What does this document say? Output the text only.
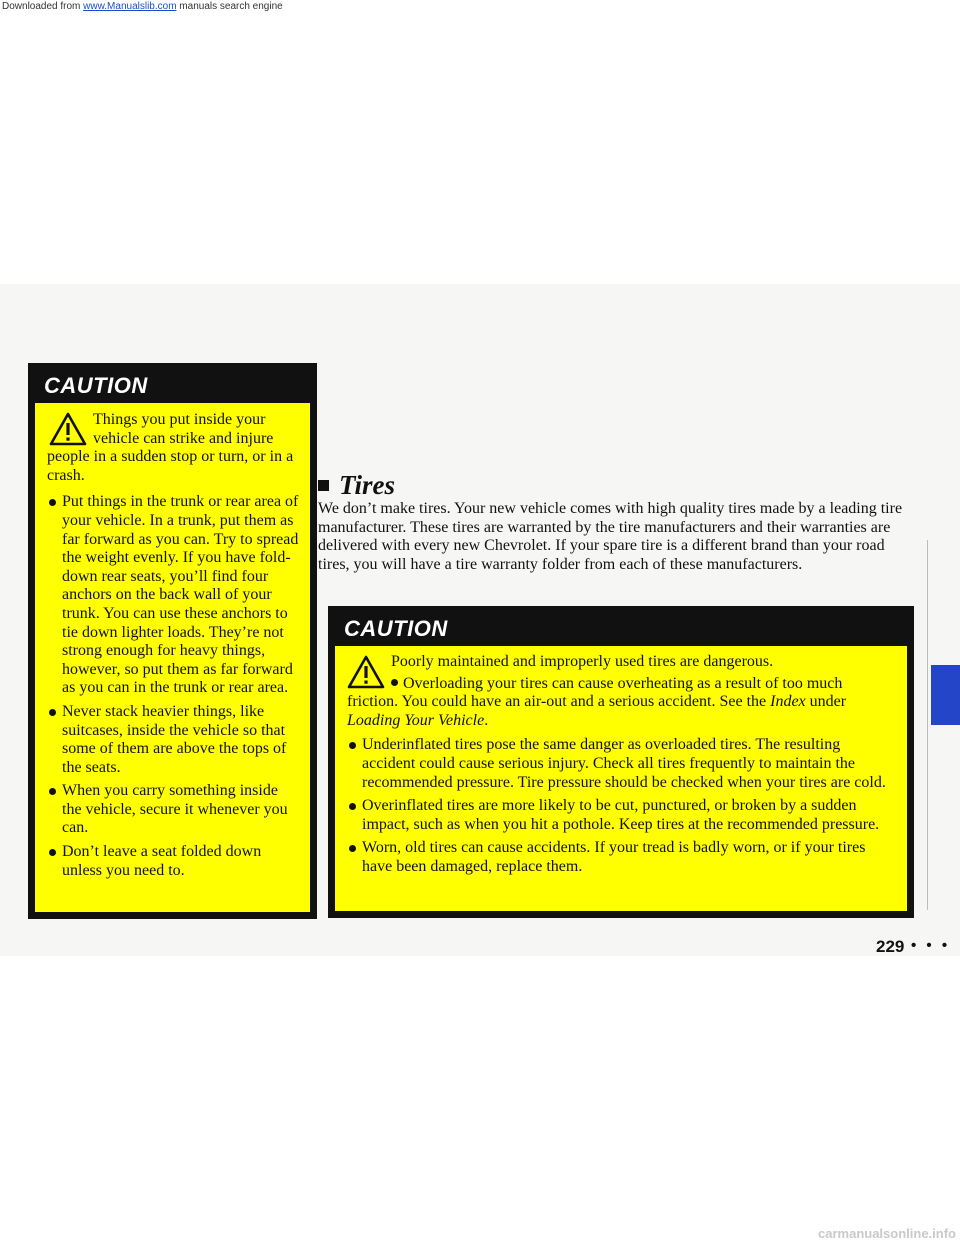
Downloaded from www.Manualslib.com manuals search engine
CAUTION

Things you put inside your vehicle can strike and injure people in a sudden stop or turn, or in a crash.

Put things in the trunk or rear area of your vehicle. In a trunk, put them as far forward as you can. Try to spread the weight evenly. If you have fold-down rear seats, you’ll find four anchors on the back wall of your trunk. You can use these anchors to tie down lighter loads. They’re not strong enough for heavy things, however, so put them as far forward as you can in the trunk or rear area.
Never stack heavier things, like suitcases, inside the vehicle so that some of them are above the tops of the seats.
When you carry something inside the vehicle, secure it whenever you can.
Don’t leave a seat folded down unless you need to.
Tires

We don’t make tires. Your new vehicle comes with high quality tires made by a leading tire manufacturer. These tires are warranted by the tire manufacturers and their warranties are delivered with every new Chevrolet. If your spare tire is a different brand than your road tires, you will have a tire warranty folder from each of these manufacturers.

CAUTION

Poorly maintained and improperly used tires are dangerous.

Overloading your tires can cause overheating as a result of too much friction. You could have an air-out and a serious accident. See the Index under Loading Your Vehicle.

Underinflated tires pose the same danger as overloaded tires. The resulting accident could cause serious injury. Check all tires frequently to maintain the recommended pressure. Tire pressure should be checked when your tires are cold.
Overinflated tires are more likely to be cut, punctured, or broken by a sudden impact, such as when you hit a pothole. Keep tires at the recommended pressure.
Worn, old tires can cause accidents. If your tread is badly worn, or if your tires have been damaged, replace them.
229 • • •
carmanualsonline.info
